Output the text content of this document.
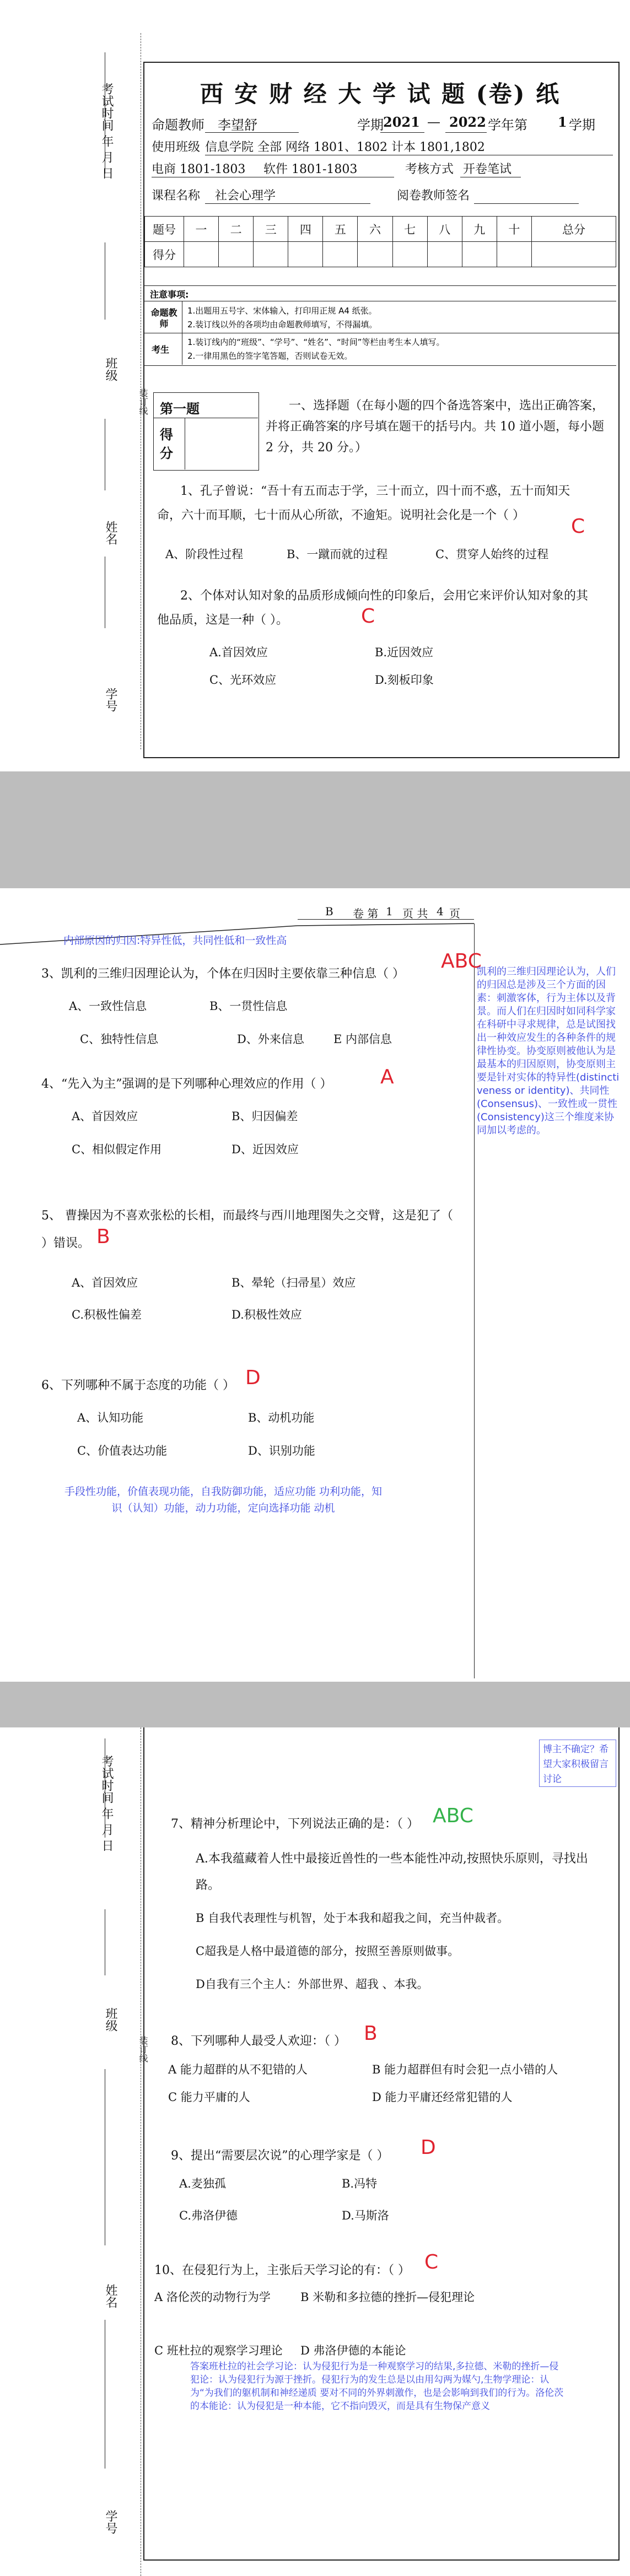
考试时间 年 月 日
班级
装订线
姓名
学号
西 安 财 经 大 学 试 题 (卷) 纸
命题教师 李望舒	学期 2021 — 2022 学年第 1 学期
使用班级 信息学院 全部 网络 1801、1802 计本 1801,1802
电商 1801-1803 软件 1801-1803	考核方式 开卷笔试
课程名称 社会心理学	阅卷教师签名
题号	一	二	三	四	五	六	七	八	九	十	总分
得分											
注意事项:
命题教师
1.出题用五号字、宋体输入，打印用正规 A4 纸张。
2.装订线以外的各项均由命题教师填写，不得漏填。
考生
1.装订线内的“班级”、“学号”、“姓名”、“时间”等栏由考生本人填写。
2.一律用黑色的签字笔答题，否则试卷无效。
第一题
得 分
一、选择题（在每小题的四个备选答案中，选出正确答案，并将正确答案的序号填在题干的括号内。共 10 道小题，每小题 2 分，共 20 分。）
1、孔子曾说：“吾十有五而志于学，三十而立，四十而不惑，五十而知天命，六十而耳顺，七十而从心所欲，不逾矩。说明社会化是一个（ ）	C
A、阶段性过程	B、一蹴而就的过程	C、贯穿人始终的过程
2、个体对认知对象的品质形成倾向性的印象后，会用它来评价认知对象的其他品质，这是一种（ ）。	C
A.首因效应	B.近因效应
C、光环效应	D.刻板印象
B 卷 第 1 页 共 4 页
内部原因的归因:特异性低，共同性低和一致性高
3、凯利的三维归因理论认为，个体在归因时主要依靠三种信息（ ）
ABC
A、一致性信息	B、一贯性信息
C、独特性信息	D、外来信息	E 内部信息
凯利的三维归因理论认为，人们的归因总是涉及三个方面的因素：刺激客体，行为主体以及背景。而人们在归因时如同科学家在科研中寻求规律，总是试图找出一种效应发生的各种条件的规律性协变。协变原则被他认为是最基本的归因原则，协变原则主要是针对实体的特异性(distinctiveness or identity)、共同性(Consensus)、一致性或一贯性(Consistency)这三个维度来协同加以考虑的。
4、“先入为主”强调的是下列哪种心理效应的作用（ ） A
A、首因效应	B、归因偏差
C、相似假定作用	D、近因效应
5、 曹操因为不喜欢张松的长相，而最终与西川地理图失之交臂，这是犯了（ ）错误。 B
A、首因效应	B、晕轮（扫帚星）效应
C.积极性偏差	D.积极性效应
6、下列哪种不属于态度的功能（ ） D
A、认知功能	B、动机功能
C、价值表达功能	D、识别功能
手段性功能，价值表现功能，自我防御功能，适应功能 功利功能，知识（认知）功能，动力功能，定向选择功能 动机
考试时间 年 月 日
班级
装订线
姓名
学号
博主不确定？希望大家积极留言讨论
7、精神分析理论中，下列说法正确的是：（ ） ABC
A.本我蕴藏着人性中最接近兽性的一些本能性冲动,按照快乐原则，寻找出路。
B 自我代表理性与机智，处于本我和超我之间，充当仲裁者。
C超我是人格中最道德的部分，按照至善原则做事。
D自我有三个主人：外部世界、超我 、本我。
8、下列哪种人最受人欢迎：（ ） B
A 能力超群的从不犯错的人	B 能力超群但有时会犯一点小错的人
C 能力平庸的人	D 能力平庸还经常犯错的人
9、提出“需要层次说”的心理学家是（ ） D
A.麦独孤	B.冯特
C.弗洛伊德	D.马斯洛
10、在侵犯行为上，主张后天学习论的有：（ ） C
A 洛伦茨的动物行为学	B 米勒和多拉德的挫折—侵犯理论
C 班杜拉的观察学习理论 D 弗洛伊德的本能论
答案班杜拉的社会学习论：认为侵犯行为是一种观察学习的结果,多拉德、米勒的挫折—侵犯论：认为侵犯行为源于挫折。侵犯行为的发生总是以由用勾两为媒勺,生物学理论：认为“为我们的躯机制和神经递质 要对不同的外界刺激作，也是会影响到我们的行为。洛伦茨的本能论：认为侵犯是一种本能，它不指向毁灭，而是具有生物保产意义
